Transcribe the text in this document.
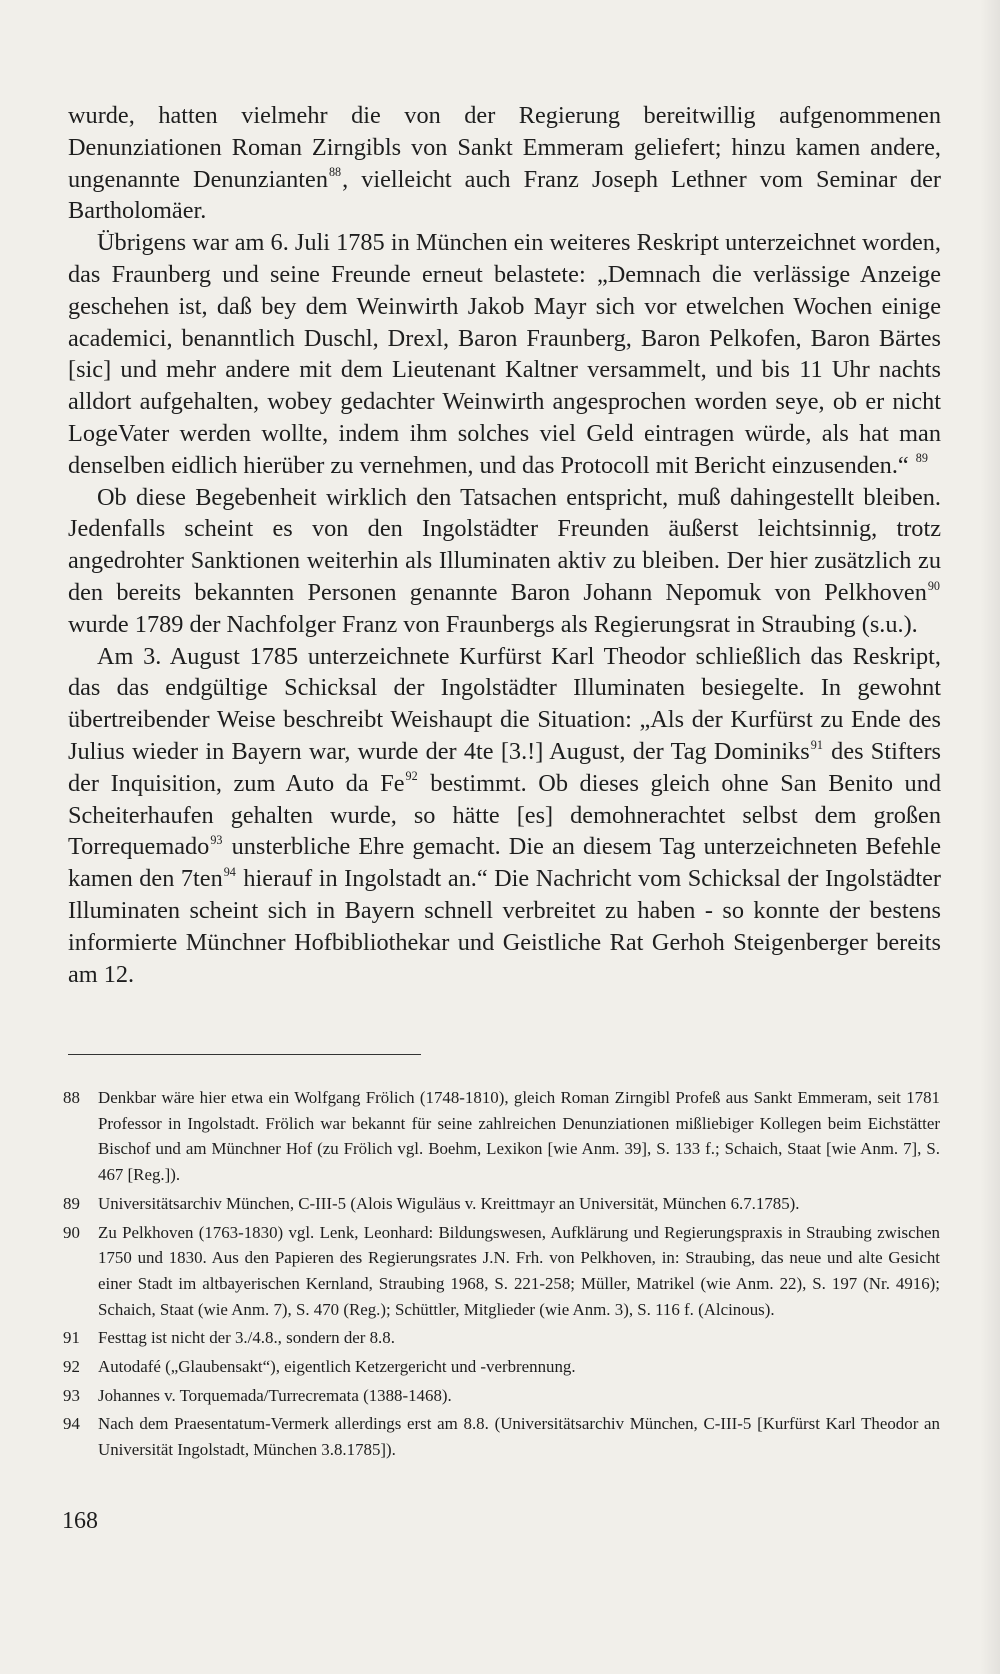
wurde, hatten vielmehr die von der Regierung bereitwillig aufgenommenen Denunziationen Roman Zirngibls von Sankt Emmeram geliefert; hinzu kamen andere, ungenannte Denunzianten$^{88}$, vielleicht auch Franz Joseph Lethner vom Seminar der Bartholomäer.

Übrigens war am 6. Juli 1785 in München ein weiteres Reskript unterzeichnet worden, das Fraunberg und seine Freunde erneut belastete: „Demnach die verlässige Anzeige geschehen ist, daß bey dem Weinwirth Jakob Mayr sich vor etwelchen Wochen einige academici, benanntlich Duschl, Drexl, Baron Fraunberg, Baron Pelkofen, Baron Bärtes [sic] und mehr andere mit dem Lieutenant Kaltner versammelt, und bis 11 Uhr nachts alldort aufgehalten, wobey gedachter Weinwirth angesprochen worden seye, ob er nicht LogeVater werden wollte, indem ihm solches viel Geld eintragen würde, als hat man denselben eidlich hierüber zu vernehmen, und das Protocoll mit Bericht einzusenden.“ $^{89}$

Ob diese Begebenheit wirklich den Tatsachen entspricht, muß dahingestellt bleiben. Jedenfalls scheint es von den Ingolstädter Freunden äußerst leichtsinnig, trotz angedrohter Sanktionen weiterhin als Illuminaten aktiv zu bleiben. Der hier zusätzlich zu den bereits bekannten Personen genannte Baron Johann Nepomuk von Pelkhoven$^{90}$ wurde 1789 der Nachfolger Franz von Fraunbergs als Regierungsrat in Straubing (s.u.).

Am 3. August 1785 unterzeichnete Kurfürst Karl Theodor schließlich das Reskript, das das endgültige Schicksal der Ingolstädter Illuminaten besiegelte. In gewohnt übertreibender Weise beschreibt Weishaupt die Situation: „Als der Kurfürst zu Ende des Julius wieder in Bayern war, wurde der 4te [3.!] August, der Tag Dominiks$^{91}$ des Stifters der Inquisition, zum Auto da Fe$^{92}$ bestimmt. Ob dieses gleich ohne San Benito und Scheiterhaufen gehalten wurde, so hätte [es] demohnerachtet selbst dem großen Torrequemado$^{93}$ unsterbliche Ehre gemacht. Die an diesem Tag unterzeichneten Befehle kamen den 7ten$^{94}$ hierauf in Ingolstadt an.“ Die Nachricht vom Schicksal der Ingolstädter Illuminaten scheint sich in Bayern schnell verbreitet zu haben - so konnte der bestens informierte Münchner Hofbibliothekar und Geistliche Rat Gerhoh Steigenberger bereits am 12.

88	Denkbar wäre hier etwa ein Wolfgang Frölich (1748-1810), gleich Roman Zirngibl Profeß aus Sankt Emmeram, seit 1781 Professor in Ingolstadt. Frölich war bekannt für seine zahlreichen Denunziationen mißliebiger Kollegen beim Eichstätter Bischof und am Münchner Hof (zu Frölich vgl. Boehm, Lexikon [wie Anm. 39], S. 133 f.; Schaich, Staat [wie Anm. 7], S. 467 [Reg.]).
89	Universitätsarchiv München, C-III-5 (Alois Wiguläus v. Kreittmayr an Universität, München 6.7.1785).
90	Zu Pelkhoven (1763-1830) vgl. Lenk, Leonhard: Bildungswesen, Aufklärung und Regierungspraxis in Straubing zwischen 1750 und 1830. Aus den Papieren des Regierungsrates J.N. Frh. von Pelkhoven, in: Straubing, das neue und alte Gesicht einer Stadt im altbayerischen Kernland, Straubing 1968, S. 221-258; Müller, Matrikel (wie Anm. 22), S. 197 (Nr. 4916); Schaich, Staat (wie Anm. 7), S. 470 (Reg.); Schüttler, Mitglieder (wie Anm. 3), S. 116 f. (Alcinous).
91	Festtag ist nicht der 3./4.8., sondern der 8.8.
92	Autodafé („Glaubensakt“), eigentlich Ketzergericht und -verbrennung.
93	Johannes v. Torquemada/Turrecremata (1388-1468).
94	Nach dem Praesentatum-Vermerk allerdings erst am 8.8. (Universitätsarchiv München, C-III-5 [Kurfürst Karl Theodor an Universität Ingolstadt, München 3.8.1785]).
168
